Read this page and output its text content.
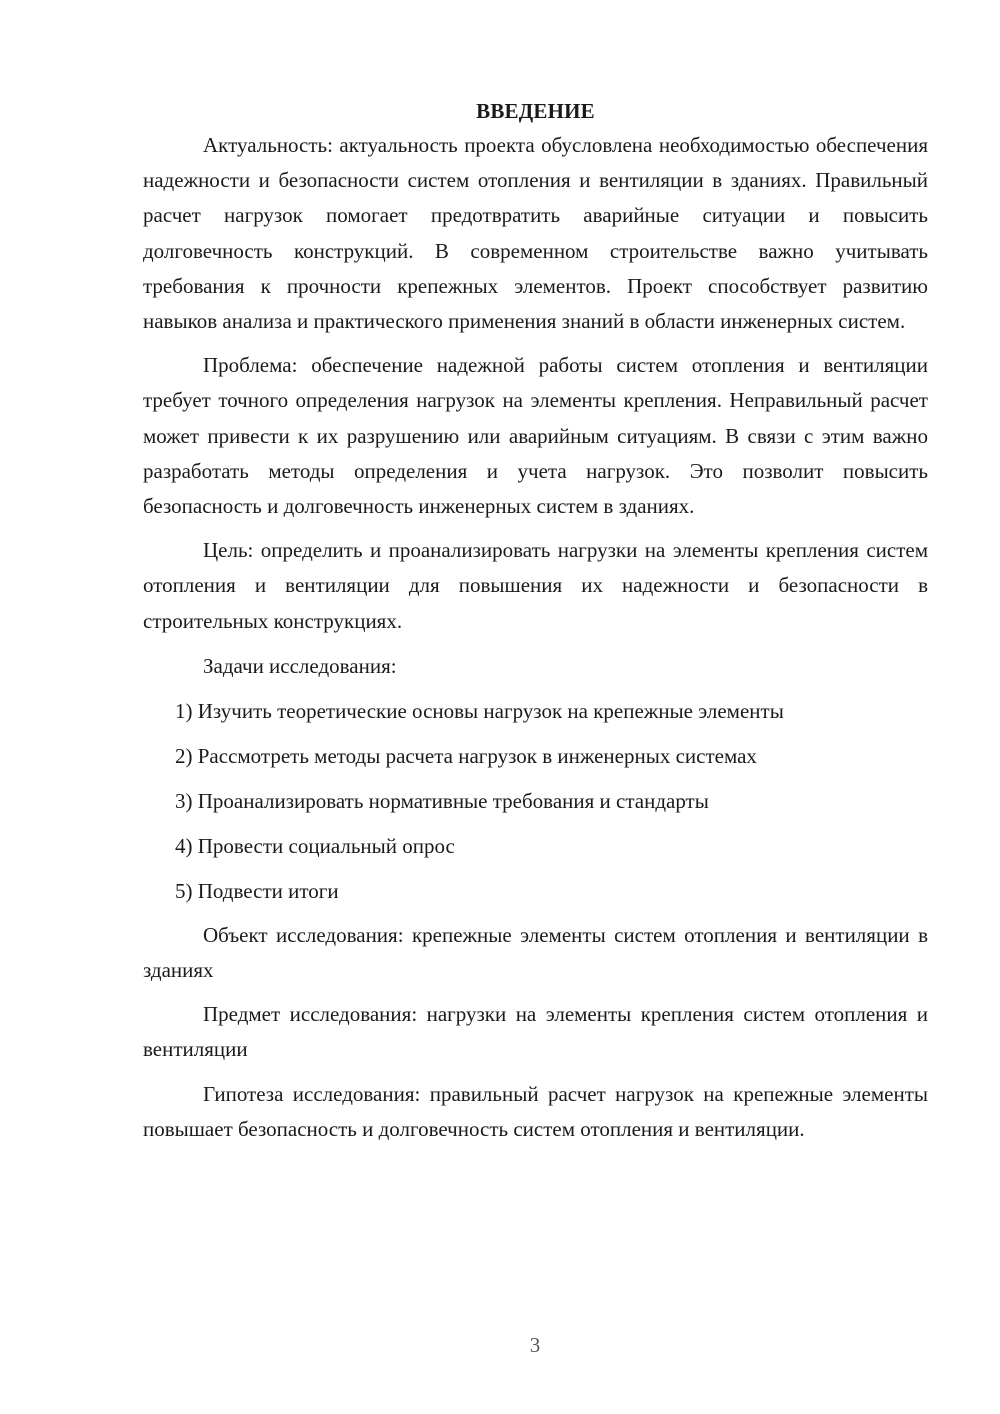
ВВЕДЕНИЕ

Актуальность: актуальность проекта обусловлена необходимостью обеспечения надежности и безопасности систем отопления и вентиляции в зданиях. Правильный расчет нагрузок помогает предотвратить аварийные ситуации и повысить долговечность конструкций. В современном строительстве важно учитывать требования к прочности крепежных элементов. Проект способствует развитию навыков анализа и практического применения знаний в области инженерных систем.

Проблема: обеспечение надежной работы систем отопления и вентиляции требует точного определения нагрузок на элементы крепления. Неправильный расчет может привести к их разрушению или аварийным ситуациям. В связи с этим важно разработать методы определения и учета нагрузок. Это позволит повысить безопасность и долговечность инженерных систем в зданиях.

Цель: определить и проанализировать нагрузки на элементы крепления систем отопления и вентиляции для повышения их надежности и безопасности в строительных конструкциях.

Задачи исследования:

1) Изучить теоретические основы нагрузок на крепежные элементы
2) Рассмотреть методы расчета нагрузок в инженерных системах
3) Проанализировать нормативные требования и стандарты
4) Провести социальный опрос
5) Подвести итоги

Объект исследования: крепежные элементы систем отопления и вентиляции в зданиях

Предмет исследования: нагрузки на элементы крепления систем отопления и вентиляции

Гипотеза исследования: правильный расчет нагрузок на крепежные элементы повышает безопасность и долговечность систем отопления и вентиляции.

3
